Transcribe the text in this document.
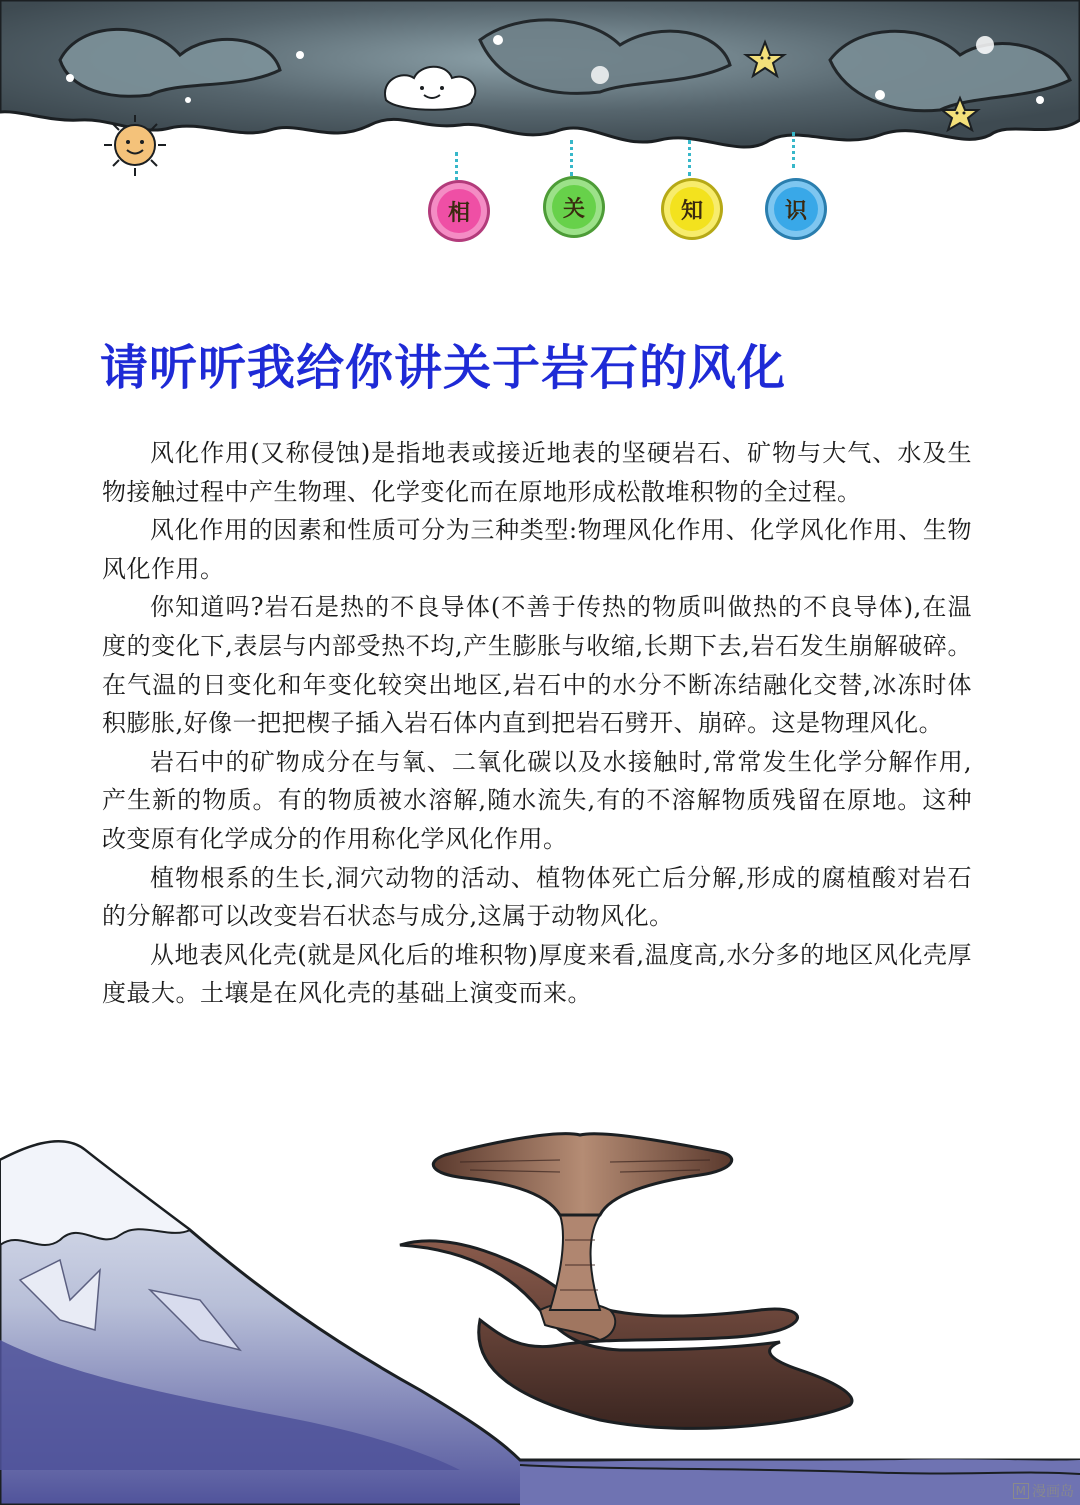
相	关	知	识
请听听我给你讲关于岩石的风化

风化作用(又称侵蚀)是指地表或接近地表的坚硬岩石、矿物与大气、水及生物接触过程中产生物理、化学变化而在原地形成松散堆积物的全过程。

风化作用的因素和性质可分为三种类型:物理风化作用、化学风化作用、生物风化作用。

你知道吗?岩石是热的不良导体(不善于传热的物质叫做热的不良导体),在温度的变化下,表层与内部受热不均,产生膨胀与收缩,长期下去,岩石发生崩解破碎。在气温的日变化和年变化较突出地区,岩石中的水分不断冻结融化交替,冰冻时体积膨胀,好像一把把楔子插入岩石体内直到把岩石劈开、崩碎。这是物理风化。

岩石中的矿物成分在与氧、二氧化碳以及水接触时,常常发生化学分解作用,产生新的物质。有的物质被水溶解,随水流失,有的不溶解物质残留在原地。这种改变原有化学成分的作用称化学风化作用。

植物根系的生长,洞穴动物的活动、植物体死亡后分解,形成的腐植酸对岩石的分解都可以改变岩石状态与成分,这属于动物风化。

从地表风化壳(就是风化后的堆积物)厚度来看,温度高,水分多的地区风化壳厚度最大。土壤是在风化壳的基础上演变而来。

M 漫画岛
